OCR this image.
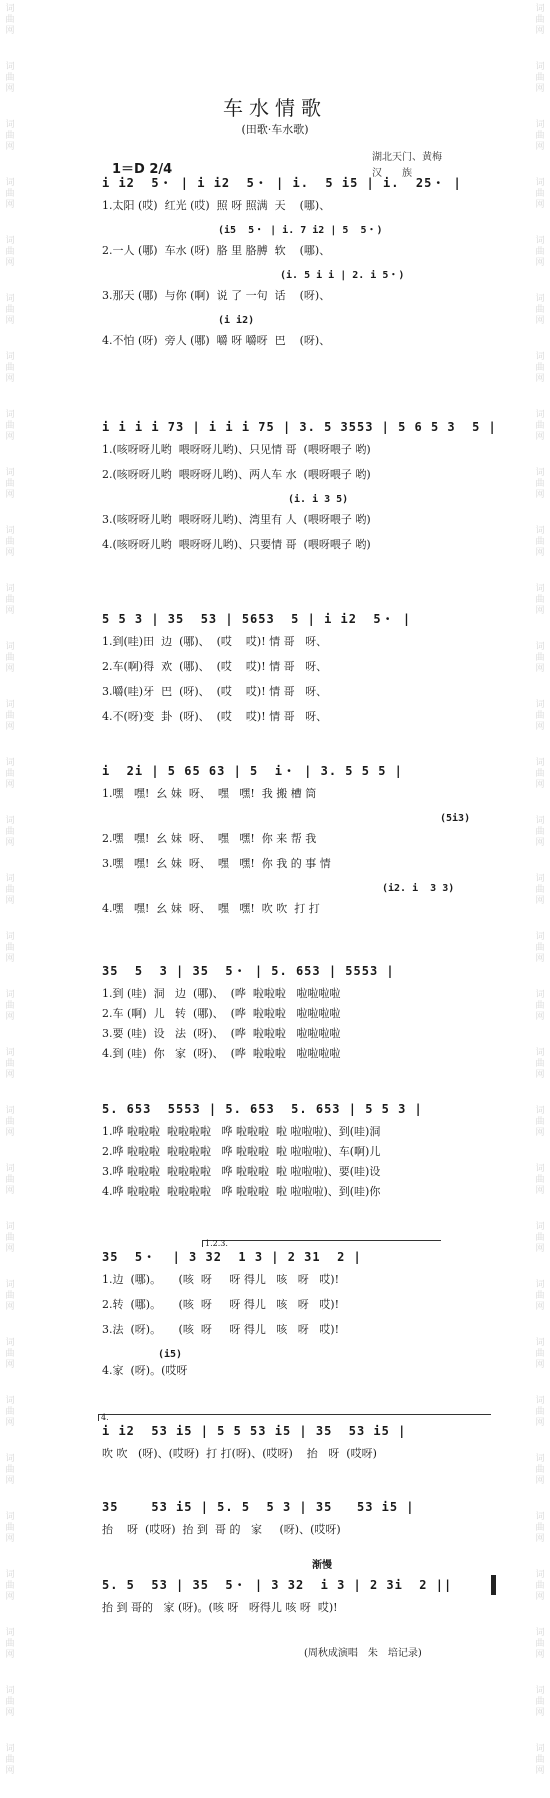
词
曲
网
词
曲
网
词
曲
网
词
曲
网
词
曲
网
词
曲
网
词
曲
网
词
曲
网
词
曲
网
词
曲
网
词
曲
网
词
曲
网
词
曲
网
词
曲
网
词
曲
网
词
曲
网
词
曲
网
词
曲
网
词
曲
网
词
曲
网
词
曲
网
词
曲
网
词
曲
网
词
曲
网
词
曲
网
词
曲
网
词
曲
网
词
曲
网
词
曲
网
词
曲
网
词
曲
网
词
曲
网
词
曲
网
词
曲
网
词
曲
网
词
曲
网
词
曲
网
词
曲
网
词
曲
网
词
曲
网
词
曲
网
词
曲
网
词
曲
网
词
曲
网
词
曲
网
词
曲
网
词
曲
网
词
曲
网
词
曲
网
词
曲
网
词
曲
网
词
曲
网
词
曲
网
词
曲
网
词
曲
网
词
曲
网
词
曲
网
词
曲
网
词
曲
网
词
曲
网
词
曲
网
词
曲
网
车水情歌
(田歌·车水歌)
1＝D 2/4
湖北天门、黄梅
汉　　族
i i2  5・ | i i2  5・ | i.  5 i5 | i.  25・ |
1.太阳 (哎)  红光 (哎)  照 呀 照满  天    (哪)、
(i5  5・ | i. 7 i2 | 5  5・)
2.一人 (哪)  车水 (呀)  胳 里 胳膊  软    (哪)、
(i. 5 i i | 2. i 5・)
3.那天 (哪)  与你 (啊)  说 了 一句  话    (呀)、
(i i2)
4.不怕 (呀)  旁人 (哪)  嚼 呀 嚼呀  巴    (呀)、
i i i i 73 | i i i 75 | 3. 5 3553 | 5 6 5 3  5 |
1.(咳呀呀儿哟  喂呀呀儿哟)、只见情 哥  (喂呀喂子 哟)
2.(咳呀呀儿哟  喂呀呀儿哟)、两人车 水  (喂呀喂子 哟)
(i. i 3 5)
3.(咳呀呀儿哟  喂呀呀儿哟)、湾里有 人  (喂呀喂子 哟)
4.(咳呀呀儿哟  喂呀呀儿哟)、只要情 哥  (喂呀喂子 哟)
5 5 3 | 35  53 | 5653  5 | i i2  5・ |
1.到(哇)田  边  (哪)、  (哎    哎)! 情 哥   呀、
2.车(啊)得  欢  (哪)、  (哎    哎)! 情 哥   呀、
3.嚼(哇)牙  巴  (呀)、  (哎    哎)! 情 哥   呀、
4.不(呀)变  卦  (呀)、  (哎    哎)! 情 哥   呀、
i  2i | 5 65 63 | 5  i・ | 3. 5 5 5 |
1.嘿   嘿!  幺 妹  呀、  嘿   嘿!  我 搬 槽 筒
(5i3)
2.嘿   嘿!  幺 妹  呀、  嘿   嘿!  你 来 帮 我
3.嘿   嘿!  幺 妹  呀、  嘿   嘿!  你 我 的 事 情
(i2. i  3 3)
4.嘿   嘿!  幺 妹  呀、  嘿   嘿!  吹 吹  打 打
35  5  3 | 35  5・ | 5. 653 | 5553 |
1.到 (哇)  洞   边  (哪)、  (哗  啦啦啦   啦啦啦啦
2.车 (啊)  儿   转  (哪)、  (哗  啦啦啦   啦啦啦啦
3.要 (哇)  设   法  (呀)、  (哗  啦啦啦   啦啦啦啦
4.到 (哇)  你   家  (呀)、  (哗  啦啦啦   啦啦啦啦
5. 653  5553 | 5. 653  5. 653 | 5 5 3 |
1.哗 啦啦啦  啦啦啦啦   哗 啦啦啦  啦 啦啦啦)、到(哇)洞
2.哗 啦啦啦  啦啦啦啦   哗 啦啦啦  啦 啦啦啦)、车(啊)儿
3.哗 啦啦啦  啦啦啦啦   哗 啦啦啦  啦 啦啦啦)、要(哇)设
4.哗 啦啦啦  啦啦啦啦   哗 啦啦啦  啦 啦啦啦)、到(哇)你
1.2.3.
35  5・  | 3 32  1 3 | 2 31  2 |
1.边  (哪)。     (咳  呀     呀 得儿   咳   呀   哎)!
2.转  (哪)。     (咳  呀     呀 得儿   咳   呀   哎)!
3.法  (呀)。     (咳  呀     呀 得儿   咳   呀   哎)!
(i5)
4.家  (呀)。(哎呀
4.
i i2  53 i5 | 5 5 53 i5 | 35  53 i5 |
吹 吹   (呀)、(哎呀)  打 打(呀)、(哎呀)    抬   呀  (哎呀)
35    53 i5 | 5. 5  5 3 | 35   53 i5 |
抬    呀  (哎呀)  抬 到  哥 的   家     (呀)、(哎呀)
渐慢
5. 5  53 | 35  5・ | 3 32  i 3 | 2 3i  2 ||
抬 到 哥的   家 (呀)。(咳 呀   呀得儿 咳 呀  哎)!
(周秋成演唱　朱　培记录)
